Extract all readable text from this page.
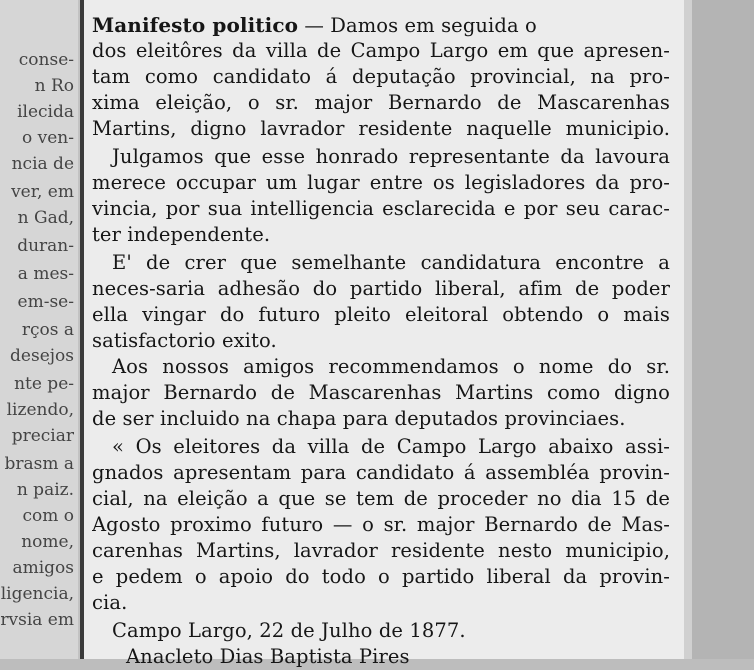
conse-
n Ro
ilecida
o ven-
ncia de
ver, em
n Gad,
duran-
a mes-
em-se-
rços a
desejos
nte pe-
lizendo,
preciar
brasm a
n paiz.
com o
nome,
amigos
ligencia,
rvsia em
Manifesto politico — Damos em seguida o
dos eleitôres da villa de Campo Largo em que apresen-
tam como candidato á deputação provincial, na pro-
xima eleição, o sr. major Bernardo de Mascarenhas
Martins, digno lavrador residente naquelle municipio.
Julgamos que esse honrado representante da lavoura
merece occupar um lugar entre os legisladores da pro-
vincia, por sua intelligencia esclarecida e por seu carac-
ter independente.
E' de crer que semelhante candidatura encontre a
neces-saria adhesão do partido liberal, afim de poder
ella vingar do futuro pleito eleitoral obtendo o mais
satisfactorio exito.
Aos nossos amigos recommendamos o nome do sr.
major Bernardo de Mascarenhas Martins como digno
de ser incluido na chapa para deputados provinciaes.
« Os eleitores da villa de Campo Largo abaixo assi-
gnados apresentam para candidato á assembléa provin-
cial, na eleição a que se tem de proceder no dia 15 de
Agosto proximo futuro — o sr. major Bernardo de Mas-
carenhas Martins, lavrador residente nesto municipio,
e pedem o apoio do todo o partido liberal da provin-
cia.
Campo Largo, 22 de Julho de 1877.
Anacleto Dias Baptista Pires
